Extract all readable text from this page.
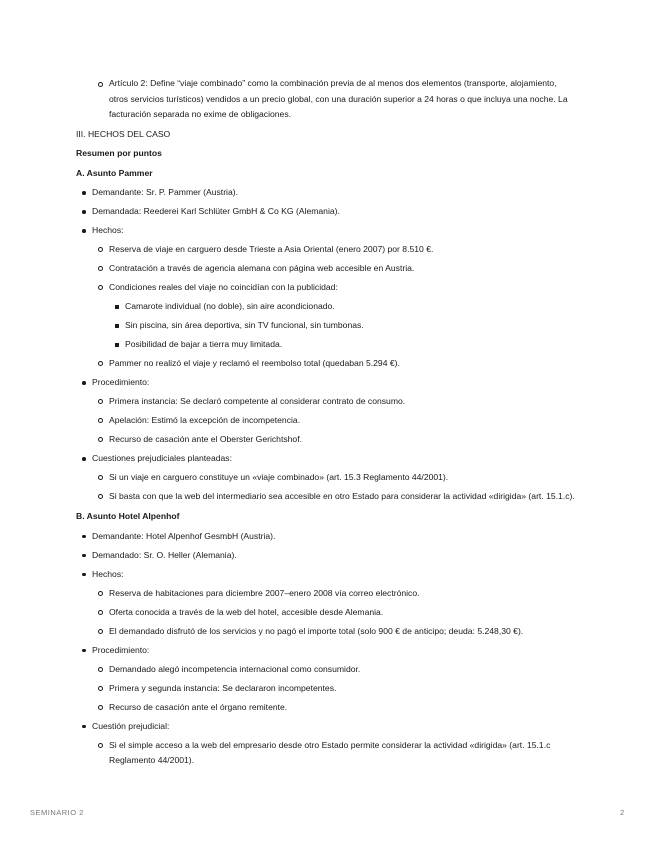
Artículo 2: Define “viaje combinado” como la combinación previa de al menos dos elementos (transporte, alojamiento, otros servicios turísticos) vendidos a un precio global, con una duración superior a 24 horas o que incluya una noche. La facturación separada no exime de obligaciones.

III. HECHOS DEL CASO

Resumen por puntos

A. Asunto Pammer

Demandante: Sr. P. Pammer (Austria).
Demandada: Reederei Karl Schlüter GmbH & Co KG (Alemania).
Hechos:
Reserva de viaje en carguero desde Trieste a Asia Oriental (enero 2007) por 8.510 €.
Contratación a través de agencia alemana con página web accesible en Austria.
Condiciones reales del viaje no coincidían con la publicidad:
Camarote individual (no doble), sin aire acondicionado.
Sin piscina, sin área deportiva, sin TV funcional, sin tumbonas.
Posibilidad de bajar a tierra muy limitada.
Pammer no realizó el viaje y reclamó el reembolso total (quedaban 5.294 €).
Procedimiento:
Primera instancia: Se declaró competente al considerar contrato de consumo.
Apelación: Estimó la excepción de incompetencia.
Recurso de casación ante el Oberster Gerichtshof.
Cuestiones prejudiciales planteadas:
Si un viaje en carguero constituye un «viaje combinado» (art. 15.3 Reglamento 44/2001).
Si basta con que la web del intermediario sea accesible en otro Estado para considerar la actividad «dirigida» (art. 15.1.c).

B. Asunto Hotel Alpenhof

Demandante: Hotel Alpenhof GesmbH (Austria).
Demandado: Sr. O. Heller (Alemania).
Hechos:
Reserva de habitaciones para diciembre 2007–enero 2008 vía correo electrónico.
Oferta conocida a través de la web del hotel, accesible desde Alemania.
El demandado disfrutó de los servicios y no pagó el importe total (solo 900 € de anticipo; deuda: 5.248,30 €).
Procedimiento:
Demandado alegó incompetencia internacional como consumidor.
Primera y segunda instancia: Se declararon incompetentes.
Recurso de casación ante el órgano remitente.
Cuestión prejudicial:
Si el simple acceso a la web del empresario desde otro Estado permite considerar la actividad «dirigida» (art. 15.1.c Reglamento 44/2001).
SEMINARIO 2	2
